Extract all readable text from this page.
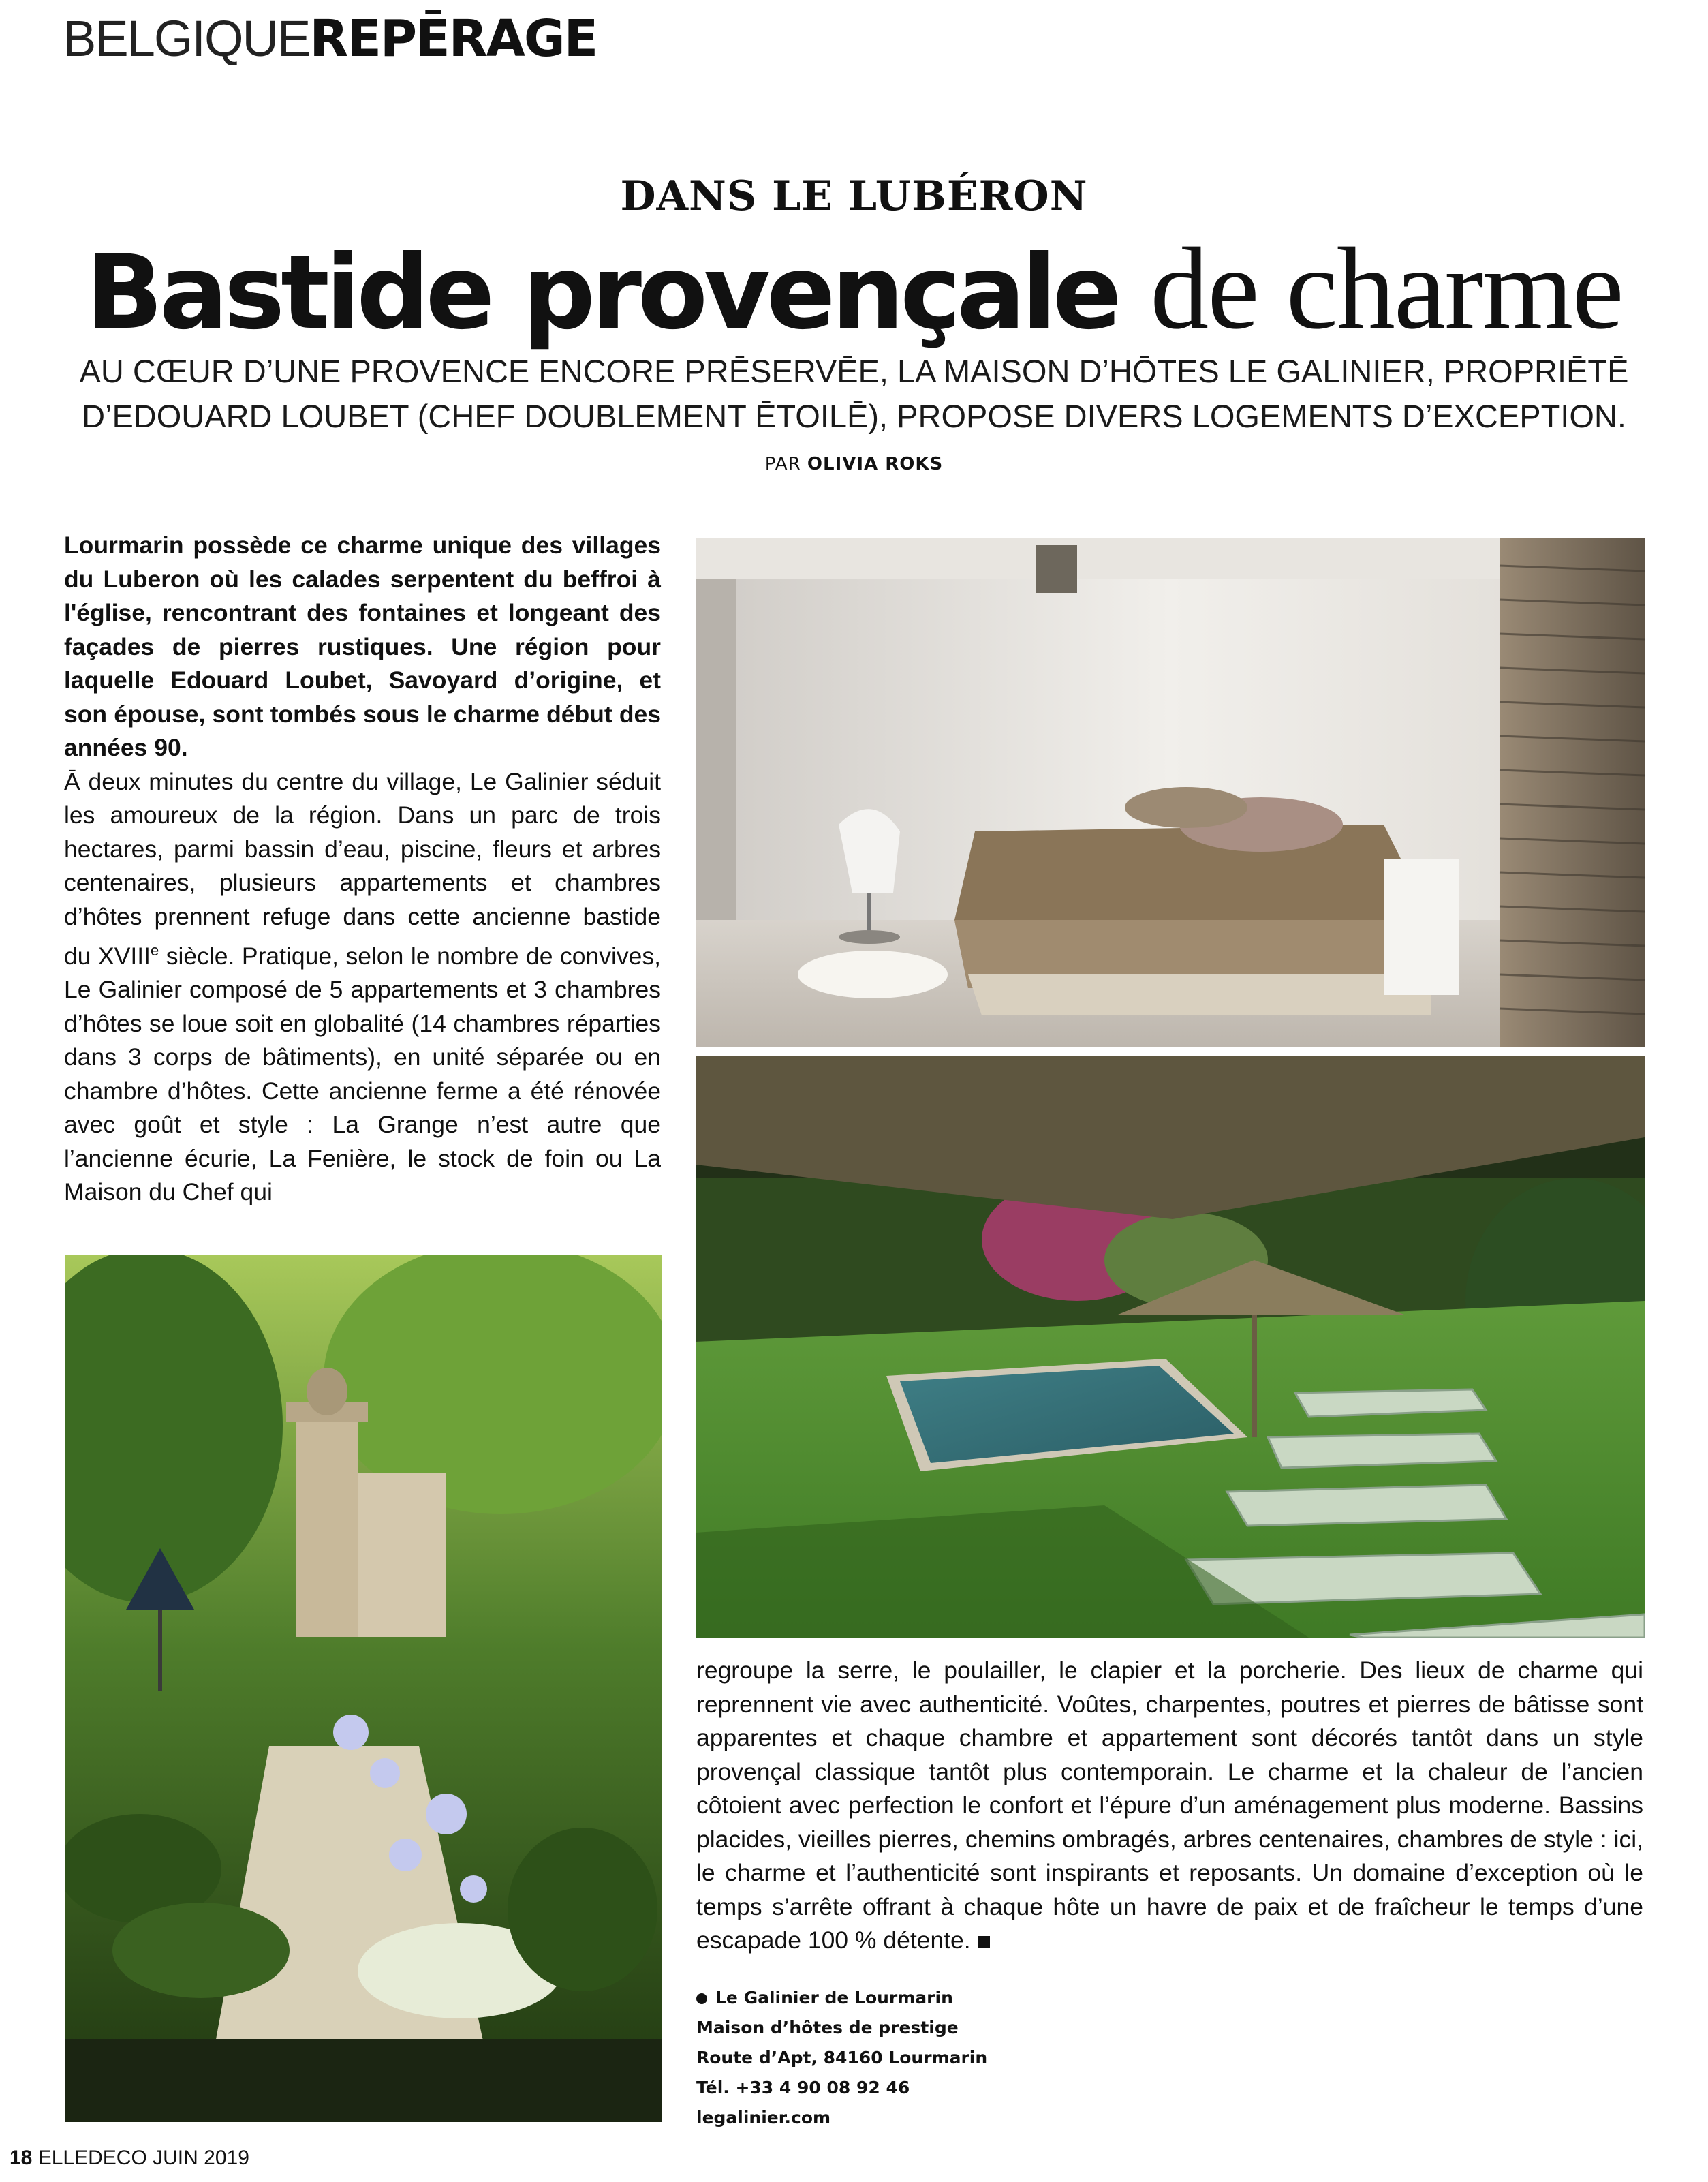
BELGIQUEREPĒRAGE
DANS LE LUBÉRON
Bastide provençale de charme
AU CŒUR D’UNE PROVENCE ENCORE PRĒSERVĒE, LA MAISON D’HŌTES LE GALINIER, PROPRIĒTĒ
D’EDOUARD LOUBET (CHEF DOUBLEMENT ĒTOILĒ), PROPOSE DIVERS LOGEMENTS D’EXCEPTION.
PAR OLIVIA ROKS

Lourmarin possède ce charme unique des villages du Luberon où les calades serpentent du beffroi à l'église, rencontrant des fontaines et longeant des façades de pierres rustiques. Une région pour laquelle Edouard Loubet, Savoyard d’origine, et son épouse, sont tombés sous le charme début des années 90.

Ā deux minutes du centre du village, Le Galinier séduit les amoureux de la région. Dans un parc de trois hectares, parmi bassin d’eau, piscine, fleurs et arbres centenaires, plusieurs appartements et chambres d’hôtes prennent refuge dans cette ancienne bastide du XVIIIe siècle. Pratique, selon le nombre de convives, Le Galinier composé de 5 appartements et 3 chambres d’hôtes se loue soit en globalité (14 chambres réparties dans 3 corps de bâtiments), en unité séparée ou en chambre d’hôtes. Cette ancienne ferme a été rénovée avec goût et style : La Grange n’est autre que l’ancienne écurie, La Fenière, le stock de foin ou La Maison du Chef qui

regroupe la serre, le poulailler, le clapier et la porcherie. Des lieux de charme qui reprennent vie avec authenticité. Voûtes, charpentes, poutres et pierres de bâtisse sont apparentes et chaque chambre et appartement sont décorés tantôt dans un style provençal classique tantôt plus contemporain. Le charme et la chaleur de l’ancien côtoient avec perfection le confort et l’épure d’un aménagement plus moderne. Bassins placides, vieilles pierres, chemins ombragés, arbres centenaires, chambres de style : ici, le charme et l’authenticité sont inspirants et reposants. Un domaine d’exception où le temps s’arrête offrant à chaque hôte un havre de paix et de fraîcheur le temps d’une escapade 100 % détente.

Le Galinier de Lourmarin
Maison d’hôtes de prestige
Route d’Apt, 84160 Lourmarin
Tél. +33 4 90 08 92 46
legalinier.com
18 ELLEDECO JUIN 2019
